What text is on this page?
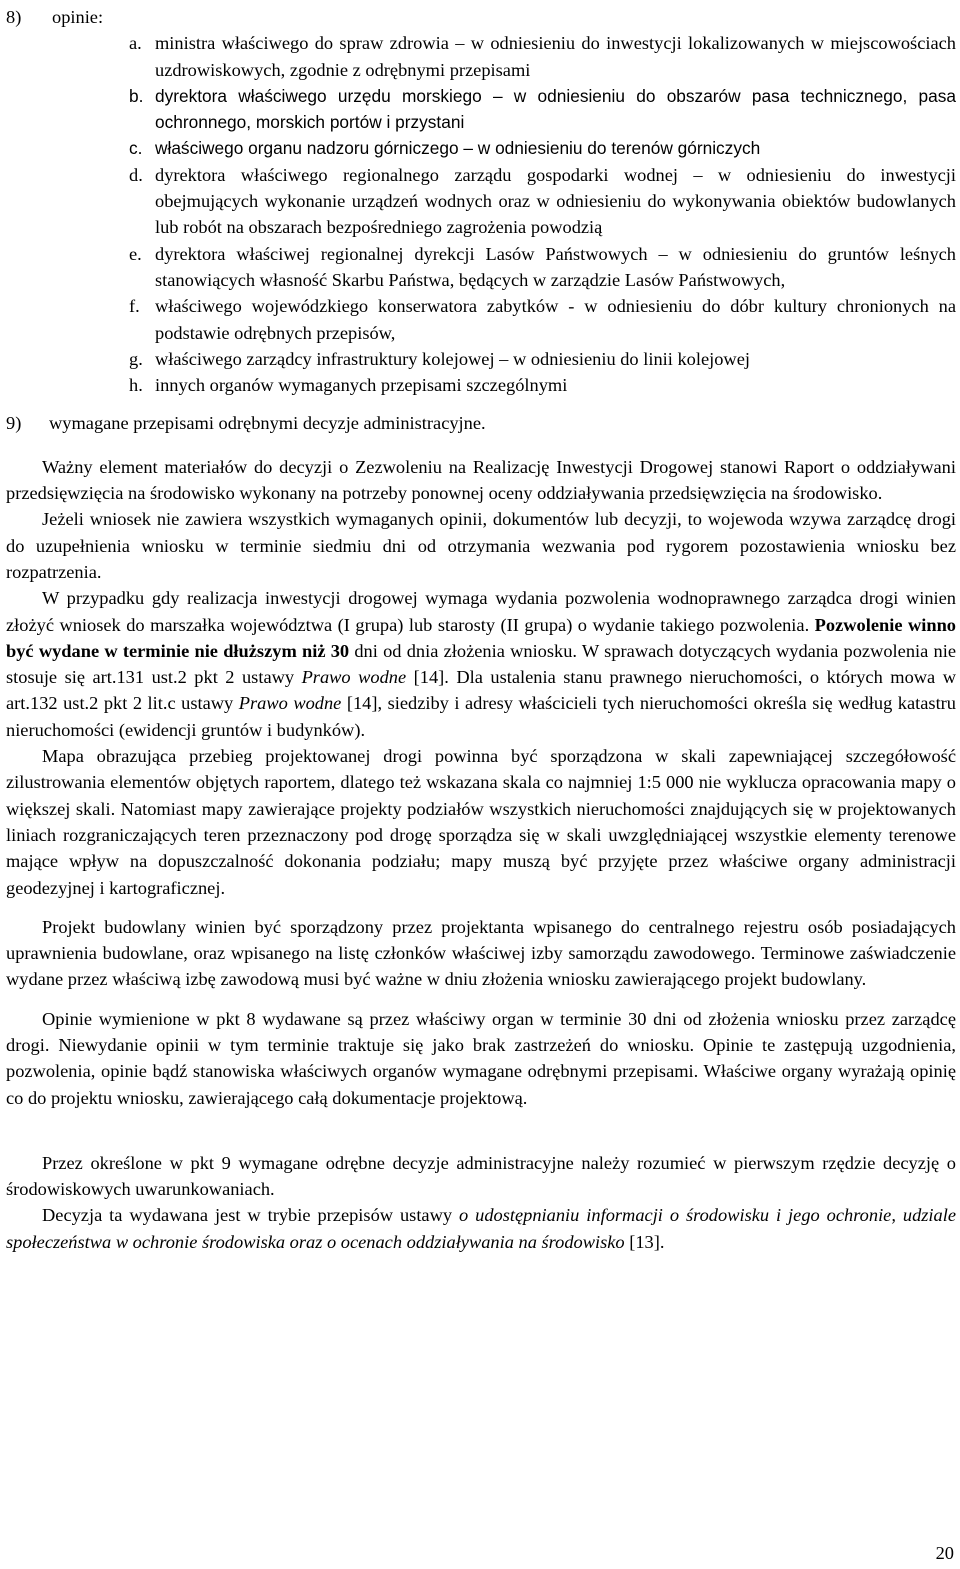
8)	opinie:
a. ministra właściwego do spraw zdrowia – w odniesieniu do inwestycji lokalizowanych w miejscowościach uzdrowiskowych, zgodnie z odrębnymi przepisami
b. dyrektora właściwego urzędu morskiego – w odniesieniu do obszarów pasa technicznego, pasa ochronnego, morskich portów i przystani
c. właściwego organu nadzoru górniczego – w odniesieniu do terenów górniczych
d. dyrektora właściwego regionalnego zarządu gospodarki wodnej – w odniesieniu do inwestycji obejmujących wykonanie urządzeń wodnych oraz w odniesieniu do wykonywania obiektów budowlanych lub robót na obszarach bezpośredniego zagrożenia powodzią
e. dyrektora właściwej regionalnej dyrekcji Lasów Państwowych – w odniesieniu do gruntów leśnych stanowiących własność Skarbu Państwa, będących w zarządzie Lasów Państwowych,
f. właściwego wojewódzkiego konserwatora zabytków - w odniesieniu do dóbr kultury chronionych na podstawie odrębnych przepisów,
g. właściwego zarządcy infrastruktury kolejowej – w odniesieniu do linii kolejowej
h. innych organów wymaganych przepisami szczególnymi
9)	wymagane przepisami odrębnymi decyzje administracyjne.

Ważny element materiałów do decyzji o Zezwoleniu na Realizację Inwestycji Drogowej stanowi Raport o oddziaływani przedsięwzięcia na środowisko wykonany na potrzeby ponownej oceny oddziaływania przedsięwzięcia na środowisko.

Jeżeli wniosek nie zawiera wszystkich wymaganych opinii, dokumentów lub decyzji, to wojewoda wzywa zarządcę drogi do uzupełnienia wniosku w terminie siedmiu dni od otrzymania wezwania pod rygorem pozostawienia wniosku bez rozpatrzenia.

W przypadku gdy realizacja inwestycji drogowej wymaga wydania pozwolenia wodnoprawnego zarządca drogi winien złożyć wniosek do marszałka województwa (I grupa) lub starosty (II grupa) o wydanie takiego pozwolenia. Pozwolenie winno być wydane w terminie nie dłuższym niż 30 dni od dnia złożenia wniosku. W sprawach dotyczących wydania pozwolenia nie stosuje się art.131 ust.2 pkt 2 ustawy Prawo wodne [14]. Dla ustalenia stanu prawnego nieruchomości, o których mowa w art.132 ust.2 pkt 2 lit.c ustawy Prawo wodne [14], siedziby i adresy właścicieli tych nieruchomości określa się według katastru nieruchomości (ewidencji gruntów i budynków).

Mapa obrazująca przebieg projektowanej drogi powinna być sporządzona w skali zapewniającej szczegółowość zilustrowania elementów objętych raportem, dlatego też wskazana skala co najmniej 1:5 000 nie wyklucza opracowania mapy o większej skali. Natomiast mapy zawierające projekty podziałów wszystkich nieruchomości znajdujących się w projektowanych liniach rozgraniczających teren przeznaczony pod drogę sporządza się w skali uwzględniającej wszystkie elementy terenowe mające wpływ na dopuszczalność dokonania podziału; mapy muszą być przyjęte przez właściwe organy administracji geodezyjnej i kartograficznej.

Projekt budowlany winien być sporządzony przez projektanta wpisanego do centralnego rejestru osób posiadających uprawnienia budowlane, oraz wpisanego na listę członków właściwej izby samorządu zawodowego. Terminowe zaświadczenie wydane przez właściwą izbę zawodową musi być ważne w dniu złożenia wniosku zawierającego projekt budowlany.

Opinie wymienione w pkt 8 wydawane są przez właściwy organ w terminie 30 dni od złożenia wniosku przez zarządcę drogi. Niewydanie opinii w tym terminie traktuje się jako brak zastrzeżeń do wniosku. Opinie te zastępują uzgodnienia, pozwolenia, opinie bądź stanowiska właściwych organów wymagane odrębnymi przepisami. Właściwe organy wyrażają opinię co do projektu wniosku, zawierającego całą dokumentacje projektową.

Przez określone w pkt 9 wymagane odrębne decyzje administracyjne należy rozumieć w pierwszym rzędzie decyzję o środowiskowych uwarunkowaniach.

Decyzja ta wydawana jest w trybie przepisów ustawy o udostępnianiu informacji o środowisku i jego ochronie, udziale społeczeństwa w ochronie środowiska oraz o ocenach oddziaływania na środowisko [13].

20
